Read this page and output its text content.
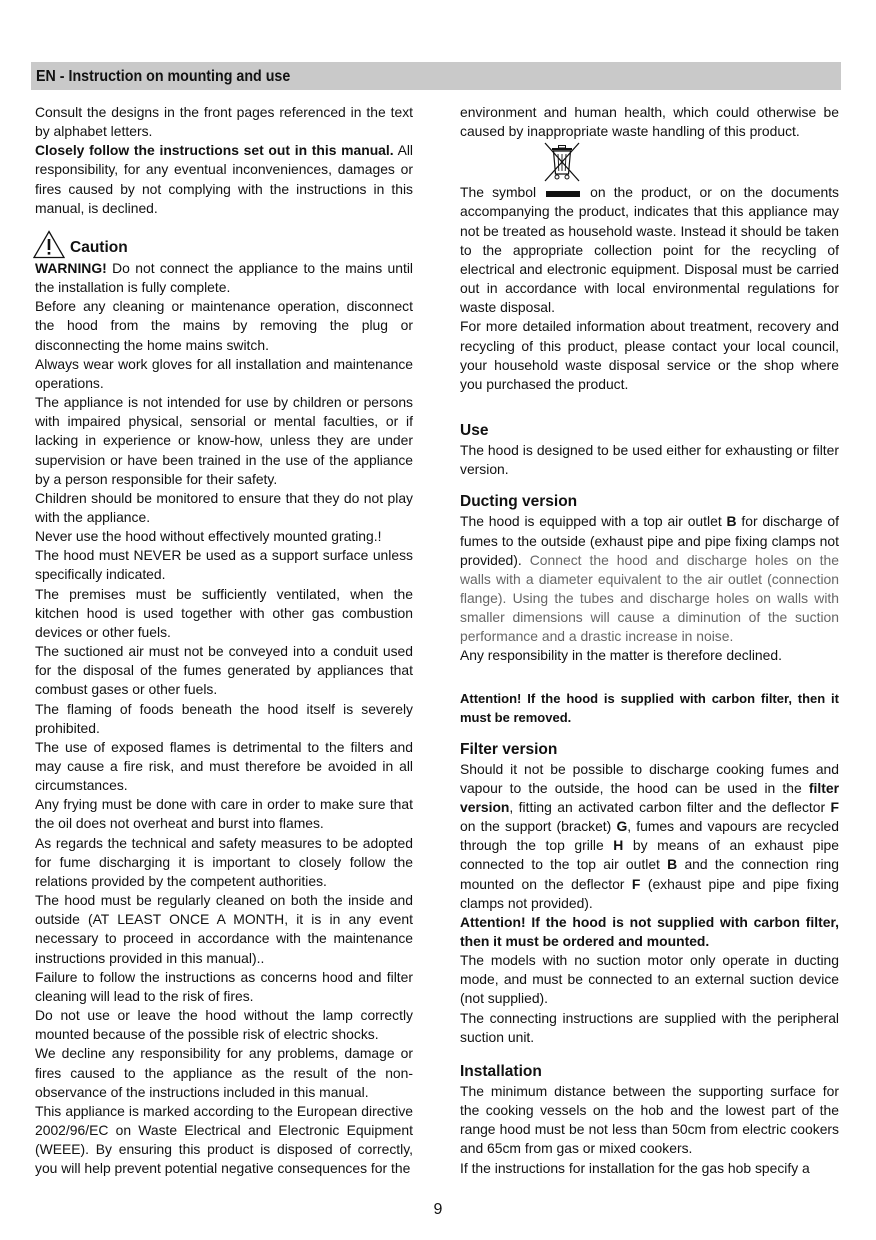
EN - Instruction on mounting and use

Consult the designs in the front pages referenced in the text by alphabet letters.

Closely follow the instructions set out in this manual. All responsibility, for any eventual inconveniences, damages or fires caused by not complying with the instructions in this manual, is declined.

Caution

WARNING! Do not connect the appliance to the mains until the installation is fully complete.

Before any cleaning or maintenance operation, disconnect the hood from the mains by removing the plug or disconnecting the home mains switch.

Always wear work gloves for all installation and maintenance operations.

The appliance is not intended for use by children or persons with impaired physical, sensorial or mental faculties, or if lacking in experience or know-how, unless they are under supervision or have been trained in the use of the appliance by a person responsible for their safety.

Children should be monitored to ensure that they do not play with the appliance.

Never use the hood without effectively mounted grating.!

The hood must NEVER be used as a support surface unless specifically indicated.

The premises must be sufficiently ventilated, when the kitchen hood is used together with other gas combustion devices or other fuels.

The suctioned air must not be conveyed into a conduit used for the disposal of the fumes generated by appliances that combust gases or other fuels.

The flaming of foods beneath the hood itself is severely prohibited.

The use of exposed flames is detrimental to the filters and may cause a fire risk, and must therefore be avoided in all circumstances.

Any frying must be done with care in order to make sure that the oil does not overheat and burst into flames.

As regards the technical and safety measures to be adopted for fume discharging it is important to closely follow the relations provided by the competent authorities.

The hood must be regularly cleaned on both the inside and outside (AT LEAST ONCE A MONTH, it is in any event necessary to proceed in accordance with the maintenance instructions provided in this manual)..

Failure to follow the instructions as concerns hood and filter cleaning will lead to the risk of fires.

Do not use or leave the hood without the lamp correctly mounted because of the possible risk of electric shocks.

We decline any responsibility for any problems, damage or fires caused to the appliance as the result of the non-observance of the instructions included in this manual.

This appliance is marked according to the European directive 2002/96/EC on Waste Electrical and Electronic Equipment (WEEE). By ensuring this product is disposed of correctly, you will help prevent potential negative consequences for the

environment and human health, which could otherwise be caused by inappropriate waste handling of this product.

The symbol	on the product, or on the documents accompanying the product, indicates that this appliance may not be treated as household waste. Instead it should be taken to the appropriate collection point for the recycling of electrical and electronic equipment. Disposal must be carried out in accordance with local environmental regulations for waste disposal.

For more detailed information about treatment, recovery and recycling of this product, please contact your local council, your household waste disposal service or the shop where you purchased the product.

Use

The hood is designed to be used either for exhausting or filter version.

Ducting version

The hood is equipped with a top air outlet B for discharge of fumes to the outside (exhaust pipe and pipe fixing clamps not provided). Connect the hood and discharge holes on the walls with a diameter equivalent to the air outlet (connection flange). Using the tubes and discharge holes on walls with smaller dimensions will cause a diminution of the suction performance and a drastic increase in noise.

Any responsibility in the matter is therefore declined.

Attention! If the hood is supplied with carbon filter, then it must be removed.

Filter version

Should it not be possible to discharge cooking fumes and vapour to the outside, the hood can be used in the filter version, fitting an activated carbon filter and the deflector F on the support (bracket) G, fumes and vapours are recycled through the top grille H by means of an exhaust pipe connected to the top air outlet B and the connection ring mounted on the deflector F (exhaust pipe and pipe fixing clamps not provided).

Attention! If the hood is not supplied with carbon filter, then it must be ordered and mounted.

The models with no suction motor only operate in ducting mode, and must be connected to an external suction device (not supplied).

The connecting instructions are supplied with the peripheral suction unit.

Installation

The minimum distance between the supporting surface for the cooking vessels on the hob and the lowest part of the range hood must be not less than 50cm from electric cookers and 65cm from gas or mixed cookers.

If the instructions for installation for the gas hob specify a

9
